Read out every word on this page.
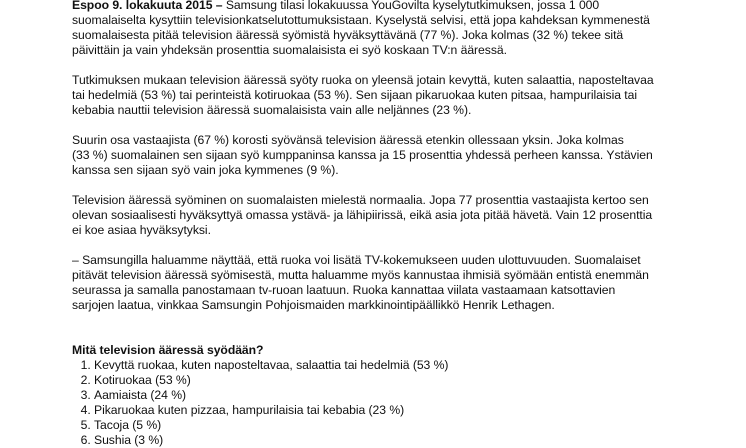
Espoo 9. lokakuuta 2015 – Samsung tilasi lokakuussa YouGovilta kyselytutkimuksen, jossa 1 000
suomalaiselta kysyttiin televisionkatselutottumuksistaan. Kyselystä selvisi, että jopa kahdeksan kymmenestä
suomalaisesta pitää television ääressä syömistä hyväksyttävänä (77 %). Joka kolmas (32 %) tekee sitä
päivittäin ja vain yhdeksän prosenttia suomalaisista ei syö koskaan TV:n ääressä.

Tutkimuksen mukaan television ääressä syöty ruoka on yleensä jotain kevyttä, kuten salaattia, naposteltavaa
tai hedelmiä (53 %) tai perinteistä kotiruokaa (53 %). Sen sijaan pikaruokaa kuten pitsaa, hampurilaisia tai
kebabia nauttii television ääressä suomalaisista vain alle neljännes (23 %).

Suurin osa vastaajista (67 %) korosti syövänsä television ääressä etenkin ollessaan yksin. Joka kolmas
(33 %) suomalainen sen sijaan syö kumppaninsa kanssa ja 15 prosenttia yhdessä perheen kanssa. Ystävien
kanssa sen sijaan syö vain joka kymmenes (9 %).

Television ääressä syöminen on suomalaisten mielestä normaalia. Jopa 77 prosenttia vastaajista kertoo sen
olevan sosiaalisesti hyväksyttyä omassa ystävä- ja lähipiirissä, eikä asia jota pitää hävetä. Vain 12 prosenttia
ei koe asiaa hyväksytyksi.

– Samsungilla haluamme näyttää, että ruoka voi lisätä TV-kokemukseen uuden ulottuvuuden. Suomalaiset
pitävät television ääressä syömisestä, mutta haluamme myös kannustaa ihmisiä syömään entistä enemmän
seurassa ja samalla panostamaan tv-ruoan laatuun. Ruoka kannattaa viilata vastaamaan katsottavien
sarjojen laatua, vinkkaa Samsungin Pohjoismaiden markkinointipäällikkö Henrik Lethagen.

Mitä television ääressä syödään?
1. Kevyttä ruokaa, kuten naposteltavaa, salaattia tai hedelmiä (53 %)
2. Kotiruokaa (53 %)
3. Aamiaista (24 %)
4. Pikaruokaa kuten pizzaa, hampurilaisia tai kebabia (23 %)
5. Tacoja (5 %)
6. Sushia (3 %)
